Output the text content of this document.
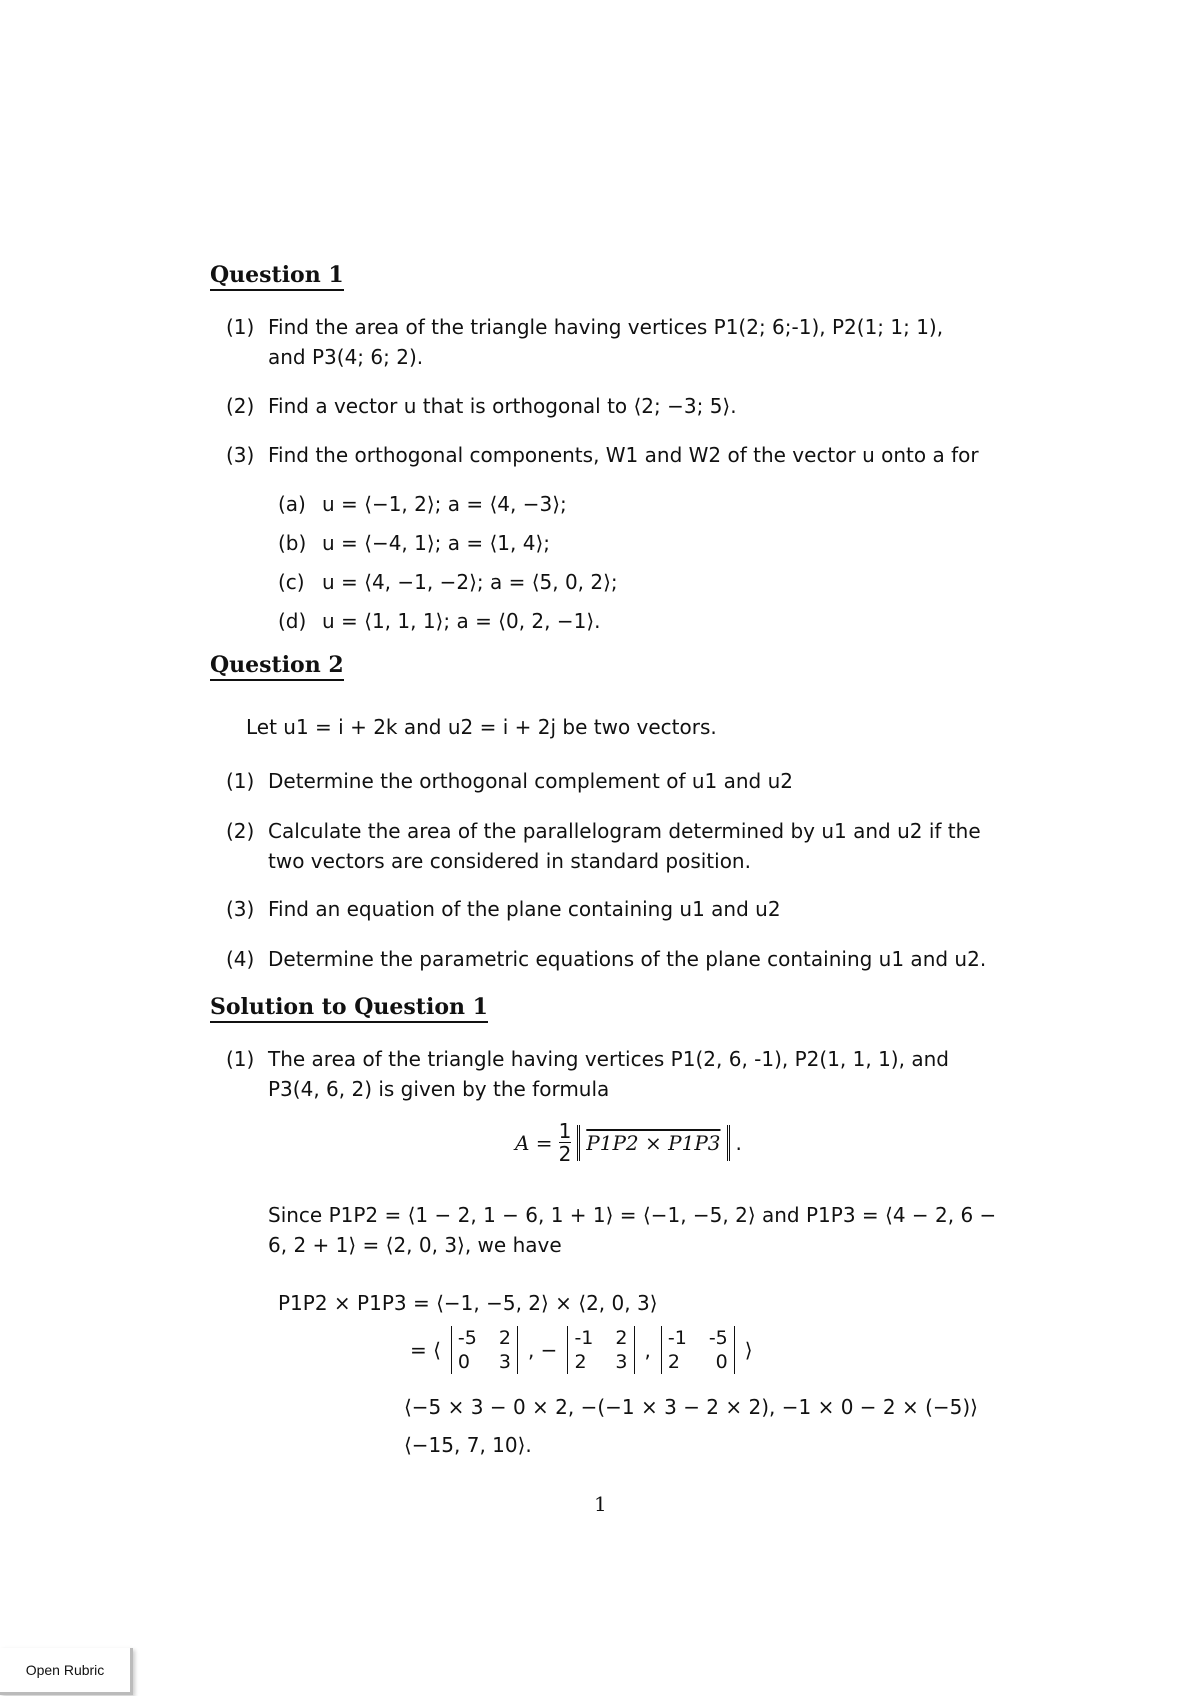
Question 1
(1) Find the area of the triangle having vertices P1(2; 6;-1), P2(1; 1; 1),
and P3(4; 6; 2).
(2) Find a vector u that is orthogonal to ⟨2; −3; 5⟩.
(3) Find the orthogonal components, W1 and W2 of the vector u onto a for
(a) u = ⟨−1, 2⟩; a = ⟨4, −3⟩;
(b) u = ⟨−4, 1⟩; a = ⟨1, 4⟩;
(c) u = ⟨4, −1, −2⟩; a = ⟨5, 0, 2⟩;
(d) u = ⟨1, 1, 1⟩; a = ⟨0, 2, −1⟩.
Question 2
Let u1 = i + 2k and u2 = i + 2j be two vectors.
(1) Determine the orthogonal complement of u1 and u2
(2) Calculate the area of the parallelogram determined by u1 and u2 if the
two vectors are considered in standard position.
(3) Find an equation of the plane containing u1 and u2
(4) Determine the parametric equations of the plane containing u1 and u2.
Solution to Question 1
(1) The area of the triangle having vertices P1(2, 6, -1), P2(1, 1, 1), and
P3(4, 6, 2) is given by the formula
$A = \frac{1}{2} P1P2 \times P1P3$ .
Since P1P2 = ⟨1 − 2, 1 − 6, 1 + 1⟩ = ⟨−1, −5, 2⟩ and P1P3 = ⟨4 − 2, 6 −
6, 2 + 1⟩ = ⟨2, 0, 3⟩, we have
P1P2 × P1P3 = ⟨−1, −5, 2⟩ × ⟨2, 0, 3⟩
= ⟨ -5 2
0 3 , − -1 2
2 3 , -1 -5
2 0 ⟩
⟨−5 × 3 − 0 × 2, −(−1 × 3 − 2 × 2), −1 × 0 − 2 × (−5)⟩
⟨−15, 7, 10⟩.
1
Open Rubric
